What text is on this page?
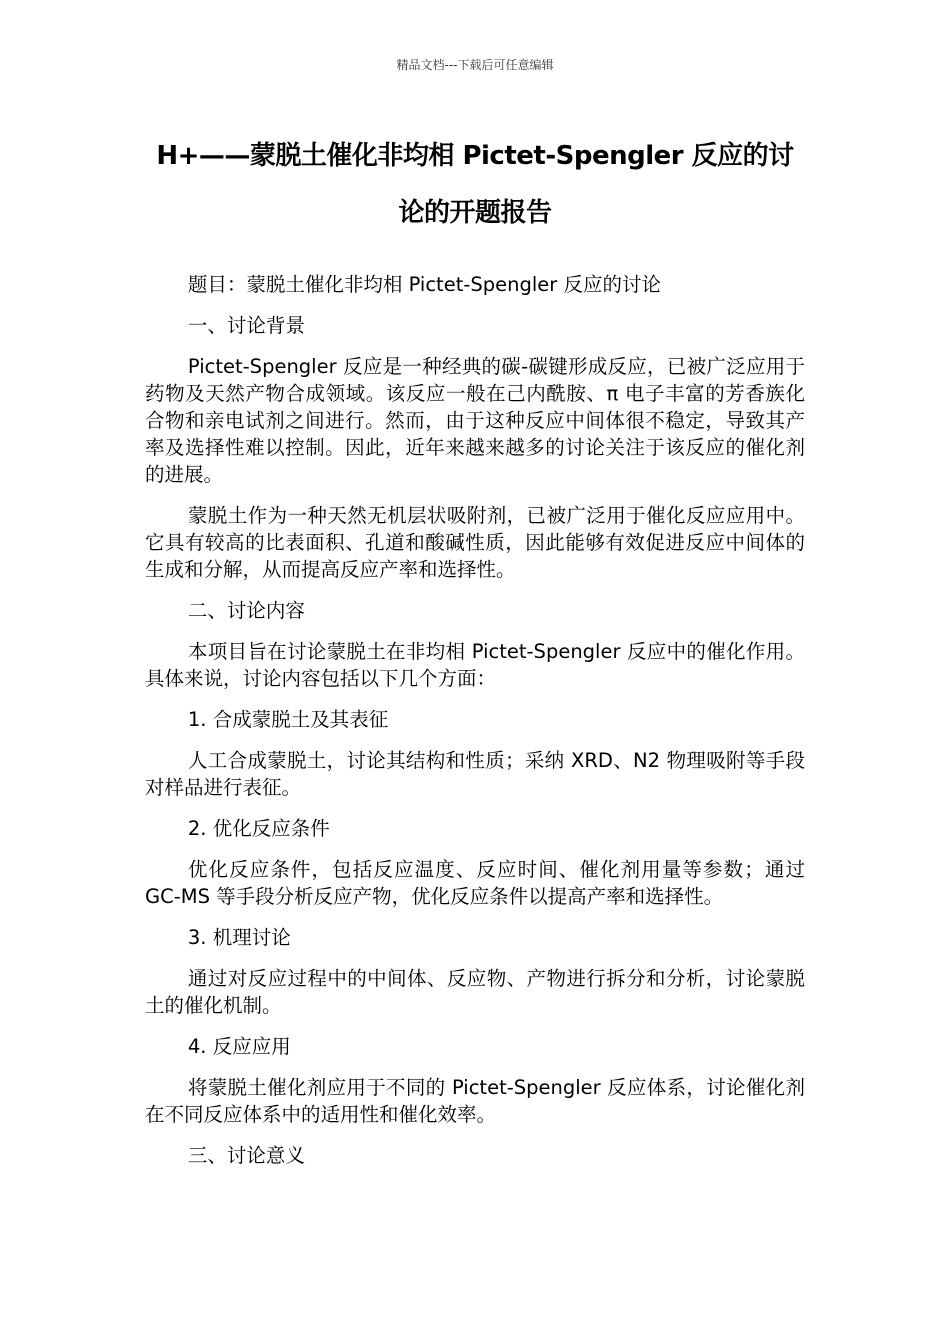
精品文档---下载后可任意编辑
H+——蒙脱土催化非均相 Pictet-Spengler 反应的讨论的开题报告

题目：蒙脱土催化非均相 Pictet-Spengler 反应的讨论

一、讨论背景

Pictet-Spengler 反应是一种经典的碳-碳键形成反应，已被广泛应用于药物及天然产物合成领域。该反应一般在己内酰胺、π 电子丰富的芳香族化合物和亲电试剂之间进行。然而，由于这种反应中间体很不稳定，导致其产率及选择性难以控制。因此，近年来越来越多的讨论关注于该反应的催化剂的进展。

蒙脱土作为一种天然无机层状吸附剂，已被广泛用于催化反应应用中。它具有较高的比表面积、孔道和酸碱性质，因此能够有效促进反应中间体的生成和分解，从而提高反应产率和选择性。

二、讨论内容

本项目旨在讨论蒙脱土在非均相 Pictet-Spengler 反应中的催化作用。具体来说，讨论内容包括以下几个方面：

1. 合成蒙脱土及其表征

人工合成蒙脱土，讨论其结构和性质；采纳 XRD、N2 物理吸附等手段对样品进行表征。

2. 优化反应条件

优化反应条件，包括反应温度、反应时间、催化剂用量等参数；通过 GC-MS 等手段分析反应产物，优化反应条件以提高产率和选择性。

3. 机理讨论

通过对反应过程中的中间体、反应物、产物进行拆分和分析，讨论蒙脱土的催化机制。

4. 反应应用

将蒙脱土催化剂应用于不同的 Pictet-Spengler 反应体系，讨论催化剂在不同反应体系中的适用性和催化效率。

三、讨论意义
